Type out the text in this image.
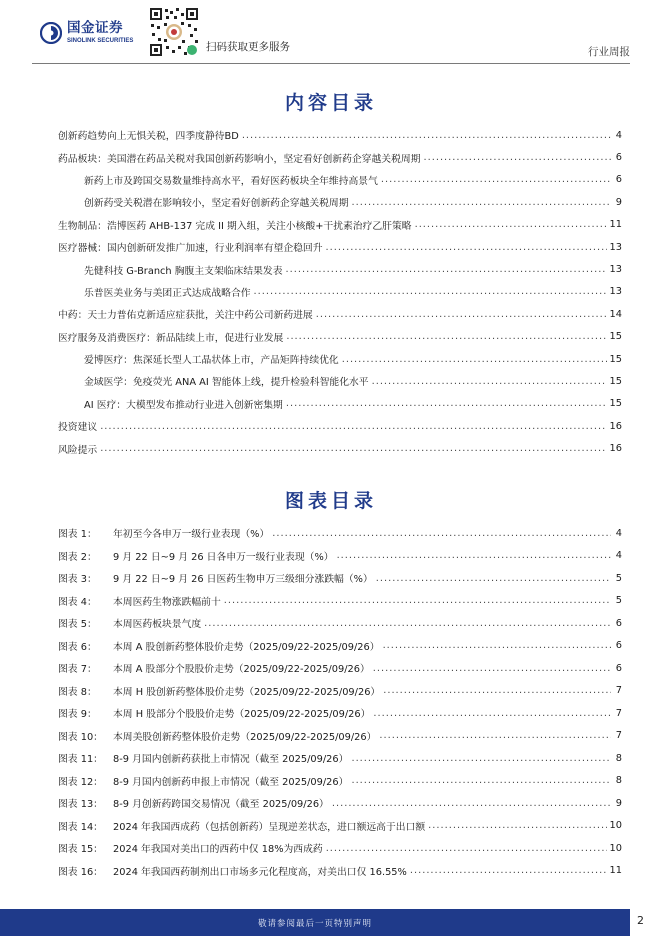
国金证券
SINOLINK SECURITIES
扫码获取更多服务	行业周报
内容目录
创新药趋势向上无惧关税，四季度静待BD .....	4
药品板块：美国潜在药品关税对我国创新药影响小，坚定看好创新药企穿越关税周期 .....	6
新药上市及跨国交易数量维持高水平，看好医药板块全年维持高景气 .....	6
创新药受关税潜在影响较小，坚定看好创新药企穿越关税周期 .....	9
生物制品：浩博医药 AHB-137 完成 II 期入组，关注小核酸+干扰素治疗乙肝策略 .....	11
医疗器械：国内创新研发推广加速，行业利润率有望企稳回升 .....	13
先健科技 G-Branch 胸腹主支架临床结果发表 .....	13
乐普医美业务与美团正式达成战略合作 .....	13
中药：天士力普佑克新适应症获批，关注中药公司新药进展 .....	14
医疗服务及消费医疗：新品陆续上市，促进行业发展 .....	15
爱博医疗：焦深延长型人工晶状体上市，产品矩阵持续优化 .....	15
金域医学：免疫荧光 ANA AI 智能体上线，提升检验科智能化水平 .....	15
AI 医疗：大模型发布推动行业进入创新密集期 .....	15
投资建议 .....	16
风险提示 .....	16
图表目录
图表 1：	年初至今各申万一级行业表现（%） .....	4
图表 2：	9 月 22 日~9 月 26 日各申万一级行业表现（%） .....	4
图表 3：	9 月 22 日~9 月 26 日医药生物申万三级细分涨跌幅（%） .....	5
图表 4：	本周医药生物涨跌幅前十 .....	5
图表 5：	本周医药板块景气度 .....	6
图表 6：	本周 A 股创新药整体股价走势（2025/09/22-2025/09/26） .....	6
图表 7：	本周 A 股部分个股股价走势（2025/09/22-2025/09/26） .....	6
图表 8：	本周 H 股创新药整体股价走势（2025/09/22-2025/09/26） .....	7
图表 9：	本周 H 股部分个股股价走势（2025/09/22-2025/09/26） .....	7
图表 10：	本周美股创新药整体股价走势（2025/09/22-2025/09/26） .....	7
图表 11：	8-9 月国内创新药获批上市情况（截至 2025/09/26） .....	8
图表 12：	8-9 月国内创新药申报上市情况（截至 2025/09/26） .....	8
图表 13：	8-9 月创新药跨国交易情况（截至 2025/09/26） .....	9
图表 14：	2024 年我国西成药（包括创新药）呈现逆差状态，进口额远高于出口额 .....	10
图表 15：	2024 年我国对美出口的西药中仅 18%为西成药 .....	10
图表 16：	2024 年我国西药制剂出口市场多元化程度高，对美出口仅 16.55% .....	11
敬请参阅最后一页特别声明	2
